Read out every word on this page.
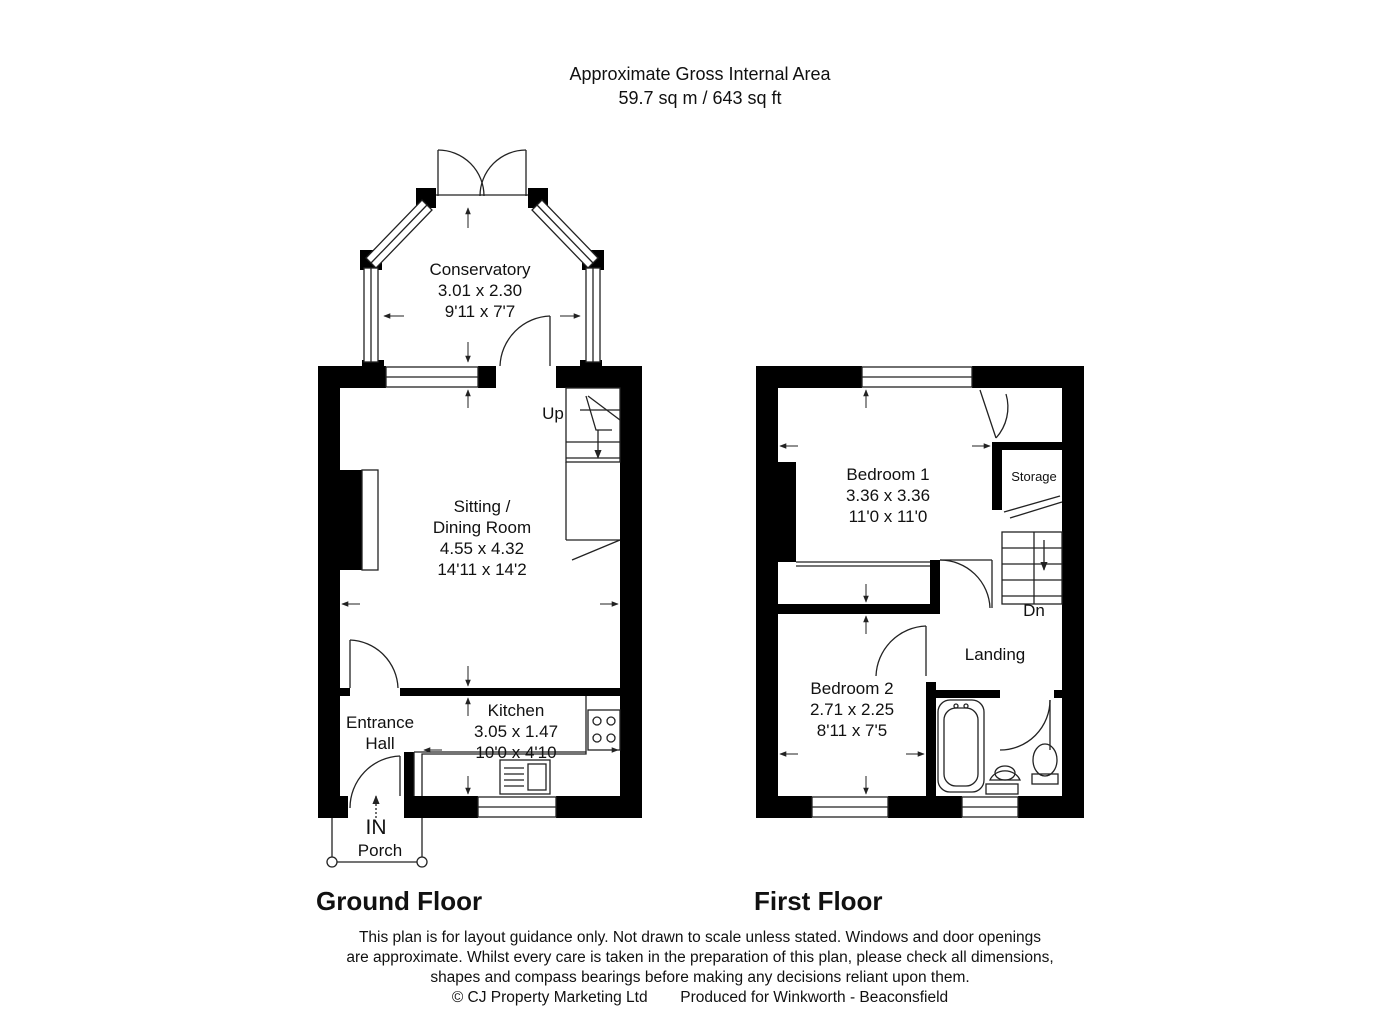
Approximate Gross Internal Area
59.7 sq m / 643 sq ft
Conservatory
3.01 x 2.30
9'11 x 7'7
Sitting /
Dining Room
4.55 x 4.32
14'11 x 14'2
Kitchen
3.05 x 1.47
10'0 x 4'10
Entrance
Hall
IN
Porch
Up
Bedroom 1
3.36 x 3.36
11'0 x 11'0
Bedroom 2
2.71 x 2.25
8'11 x 7'5
Landing
Storage
Dn
Ground Floor	First Floor
This plan is for layout guidance only. Not drawn to scale unless stated. Windows and door openings
are approximate. Whilst every care is taken in the preparation of this plan, please check all dimensions,
shapes and compass bearings before making any decisions reliant upon them.
© CJ Property Marketing Ltd Produced for Winkworth - Beaconsfield
